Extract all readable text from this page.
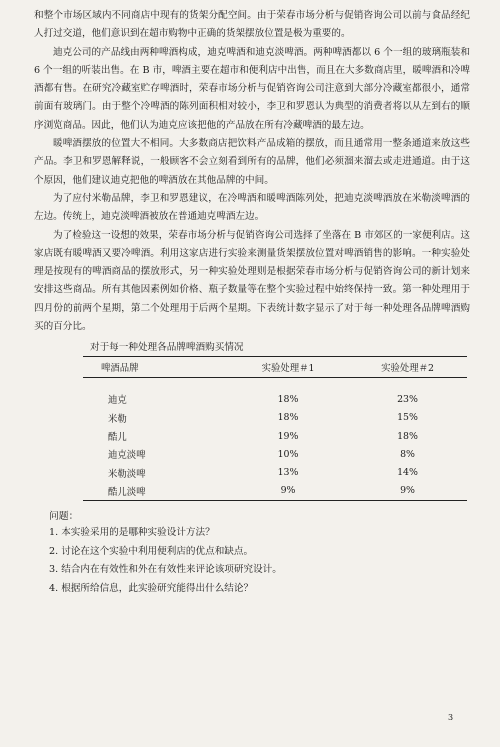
和整个市场区域内不同商店中现有的货架分配空间。由于荣春市场分析与促销咨询公司以前与食品经纪人打过交道，他们意识到在超市购物中正确的货架摆放位置是极为重要的。

迪克公司的产品线由两种啤酒构成，迪克啤酒和迪克淡啤酒。两种啤酒都以 6 个一组的玻璃瓶装和 6 个一组的听装出售。在 B 市，啤酒主要在超市和便利店中出售，而且在大多数商店里，暖啤酒和冷啤酒都有售。在研究冷藏室贮存啤酒时，荣春市场分析与促销咨询公司注意到大部分冷藏室都很小，通常前面有玻璃门。由于整个冷啤酒的陈列面积相对较小，李卫和罗恩认为典型的消费者将以从左到右的顺序浏览商品。因此，他们认为迪克应该把他的产品放在所有冷藏啤酒的最左边。

暖啤酒摆放的位置大不相同。大多数商店把饮料产品成箱的摆放，而且通常用一整条通道来放这些产品。李卫和罗恩解释说，一般顾客不会立刻看到所有的品牌，他们必须溜来溜去或走进通道。由于这个原因，他们建议迪克把他的啤酒放在其他品牌的中间。

为了应付米勒品牌，李卫和罗恩建议，在冷啤酒和暖啤酒陈列处，把迪克淡啤酒放在米勒淡啤酒的左边。传统上，迪克淡啤酒被放在普通迪克啤酒左边。

为了检验这一设想的效果，荣春市场分析与促销咨询公司选择了坐落在 B 市郊区的一家便利店。这家店既有暖啤酒又要冷啤酒。利用这家店进行实验来测量货架摆放位置对啤酒销售的影响。一种实验处理是按现有的啤酒商品的摆放形式，另一种实验处理则是根据荣春市场分析与促销咨询公司的新计划来安排这些商品。所有其他因素例如价格、瓶子数量等在整个实验过程中始终保持一致。第一种处理用于四月份的前两个星期，第二个处理用于后两个星期。下表统计数字显示了对于每一种处理各品牌啤酒购买的百分比。

对于每一种处理各品牌啤酒购买情况
啤酒品牌	实验处理＃1	实验处理＃2

迪克	18%	23%
米勒	18%	15%
酷儿	19%	18%
迪克淡啤	10%	8%
米勒淡啤	13%	14%
酷儿淡啤	9%	9%
问题：

1. 本实验采用的是哪种实验设计方法？

2. 讨论在这个实验中利用便利店的优点和缺点。

3. 结合内在有效性和外在有效性来评论该项研究设计。

4. 根据所给信息，此实验研究能得出什么结论？

3
